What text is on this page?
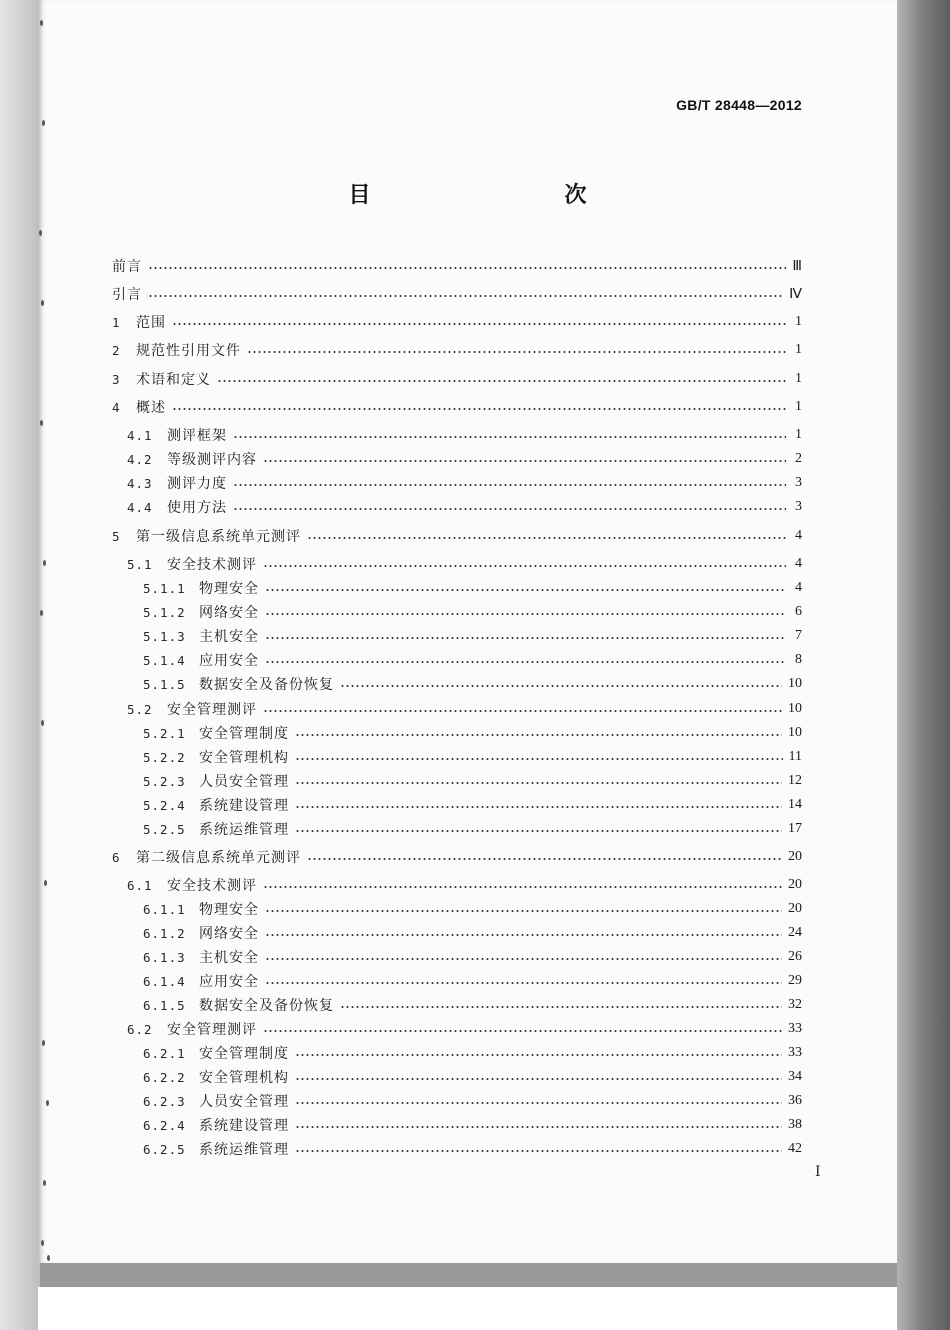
GB/T 28448—2012
目　　次
前言	Ⅲ
引言	Ⅳ
1	范围	1
2	规范性引用文件	1
3	术语和定义	1
4	概述	1
4.1	测评框架	1
4.2	等级测评内容	2
4.3	测评力度	3
4.4	使用方法	3
5	第一级信息系统单元测评	4
5.1	安全技术测评	4
5.1.1 物理安全	4
5.1.2 网络安全	6
5.1.3 主机安全	7
5.1.4 应用安全	8
5.1.5 数据安全及备份恢复	10
5.2	安全管理测评	10
5.2.1 安全管理制度	10
5.2.2 安全管理机构	11
5.2.3 人员安全管理	12
5.2.4 系统建设管理	14
5.2.5 系统运维管理	17
6	第二级信息系统单元测评	20
6.1	安全技术测评	20
6.1.1 物理安全	20
6.1.2 网络安全	24
6.1.3 主机安全	26
6.1.4 应用安全	29
6.1.5 数据安全及备份恢复	32
6.2	安全管理测评	33
6.2.1 安全管理制度	33
6.2.2 安全管理机构	34
6.2.3 人员安全管理	36
6.2.4 系统建设管理	38
6.2.5 系统运维管理	42
Ⅰ
